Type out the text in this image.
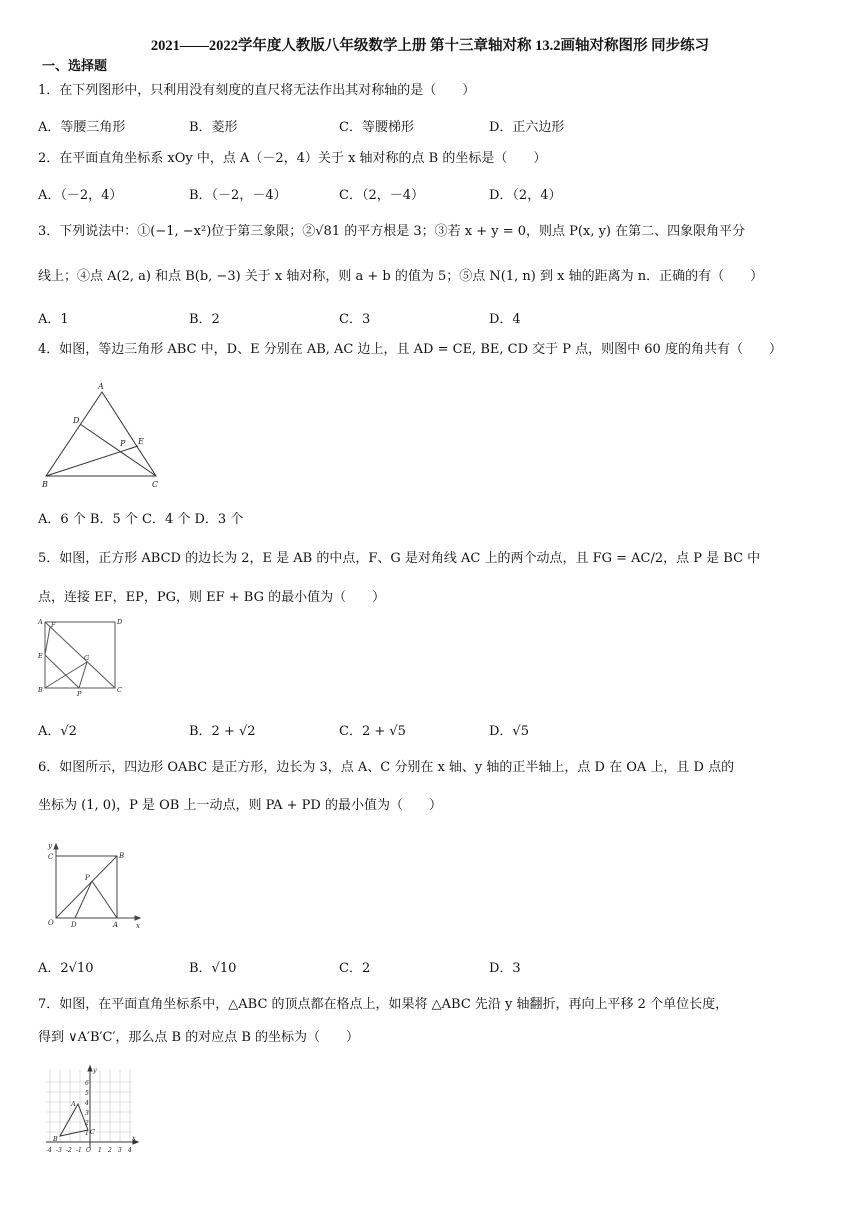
2021——2022学年度人教版八年级数学上册 第十三章轴对称 13.2画轴对称图形 同步练习
一、选择题
1．在下列图形中，只利用没有刻度的直尺将无法作出其对称轴的是（　　）
A．等腰三角形	B．菱形	C．等腰梯形	D．正六边形
2．在平面直角坐标系 xOy 中，点 A（－2，4）关于 x 轴对称的点 B 的坐标是（　　）
A．（－2，4）	B．（－2，－4）	C．（2，－4）	D．（2，4）
3．下列说法中：①(−1, −x²)位于第三象限；②√81 的平方根是 3；③若 x + y = 0，则点 P(x, y) 在第二、四象限角平分
线上；④点 A(2, a) 和点 B(b, −3) 关于 x 轴对称，则 a + b 的值为 5；⑤点 N(1, n) 到 x 轴的距离为 n．正确的有（　　）
A．1	B．2	C．3	D．4
4．如图，等边三角形 ABC 中，D、E 分别在 AB, AC 边上，且 AD = CE, BE, CD 交于 P 点，则图中 60 度的角共有（　　）
A
D
P E
B	C
A．6 个 B．5 个 C．4 个 D．3 个
5．如图，正方形 ABCD 的边长为 2，E 是 AB 的中点，F、G 是对角线 AC 上的两个动点，且 FG = AC/2，点 P 是 BC 中
点，连接 EF，EP，PG，则 EF + BG 的最小值为（　　）
A F	D
E	G
B	P	C
A．√2	B．2 + √2	C．2 + √5	D．√5
6．如图所示，四边形 OABC 是正方形，边长为 3，点 A、C 分别在 x 轴、y 轴的正半轴上，点 D 在 OA 上，且 D 点的
坐标为 (1, 0)，P 是 OB 上一动点，则 PA + PD 的最小值为（　　）
y
C	B
P
O D	A	x
A．2√10	B．√10	C．2	D．3
7．如图，在平面直角坐标系中，△ABC 的顶点都在格点上，如果将 △ABC 先沿 y 轴翻折，再向上平移 2 个单位长度，
得到 ∨A′B′C′，那么点 B 的对应点 B 的坐标为（　　）
y
x
A
B
C
6
5
4
3
2
1
-4 -3 -2 -1 O 1 2 3 4
